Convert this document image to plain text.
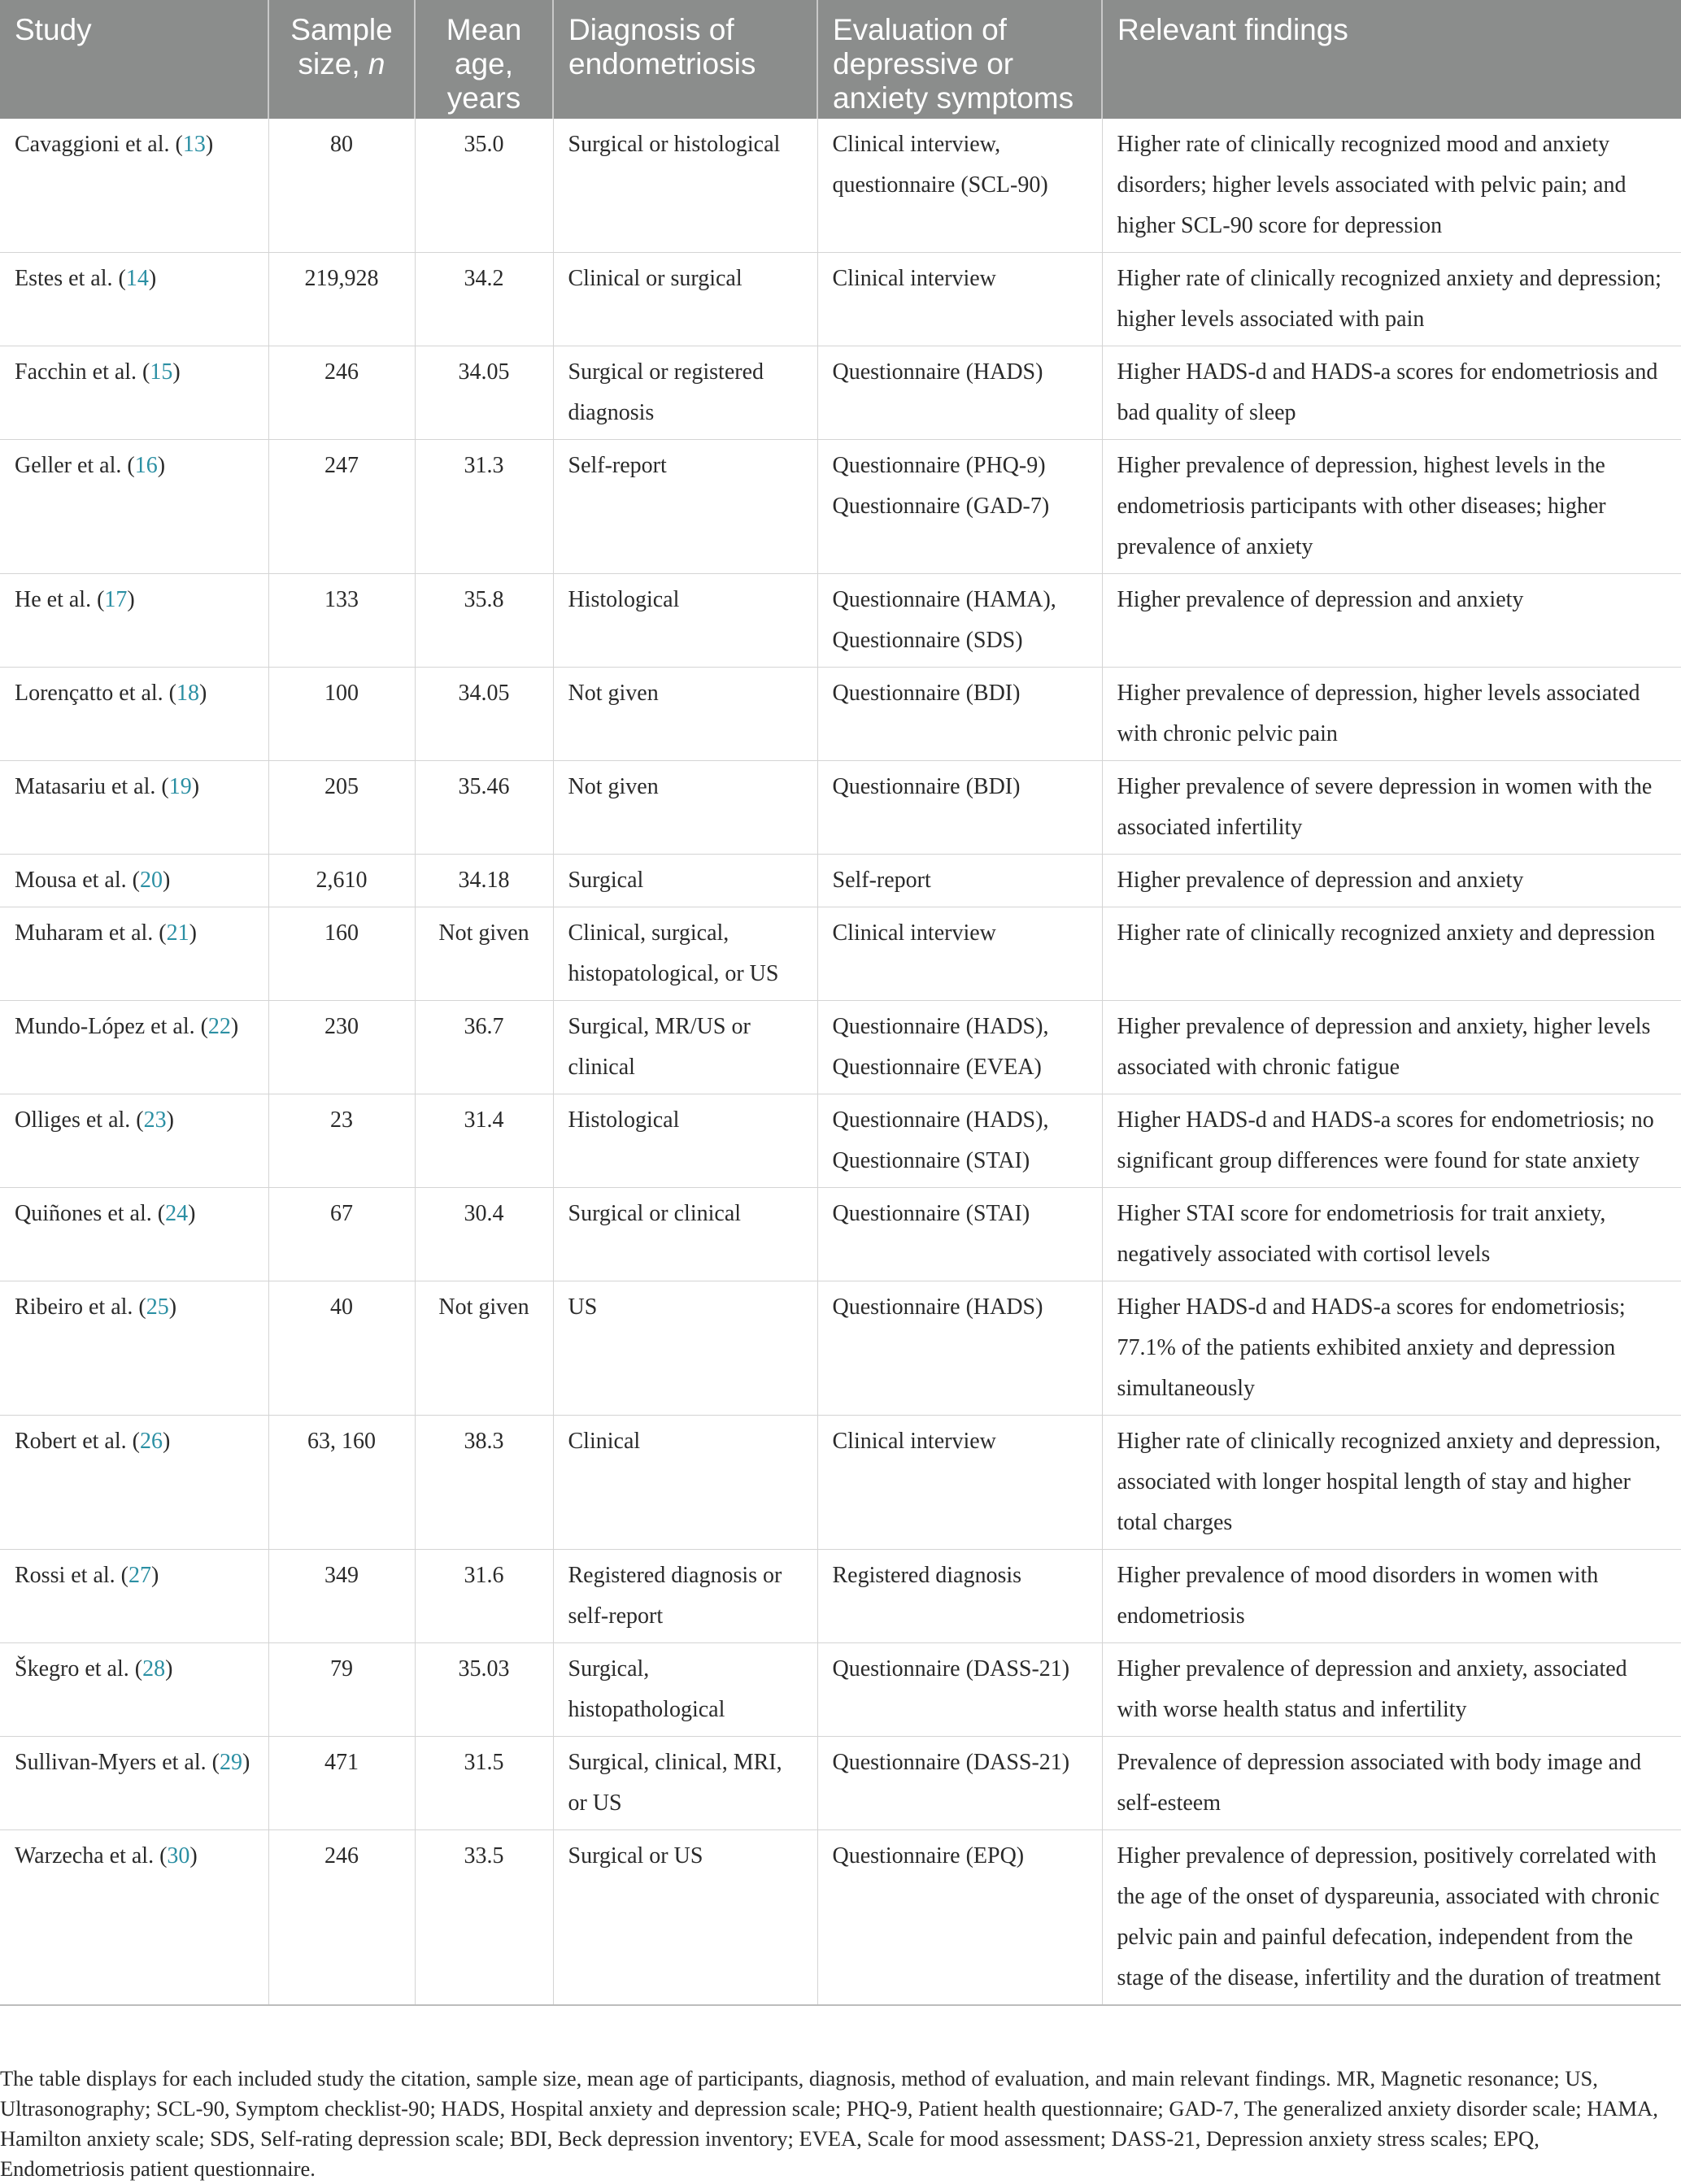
Study	Sample size, n	Mean age, years	Diagnosis of endometriosis	Evaluation of depressive or anxiety symptoms	Relevant findings
Cavaggioni et al. (13)	80	35.0	Surgical or histological	Clinical interview, questionnaire (SCL-90)	Higher rate of clinically recognized mood and anxiety disorders; higher levels associated with pelvic pain; and higher SCL-90 score for depression
Estes et al. (14)	219,928	34.2	Clinical or surgical	Clinical interview	Higher rate of clinically recognized anxiety and depression; higher levels associated with pain
Facchin et al. (15)	246	34.05	Surgical or registered diagnosis	Questionnaire (HADS)	Higher HADS-d and HADS-a scores for endometriosis and bad quality of sleep
Geller et al. (16)	247	31.3	Self-report	Questionnaire (PHQ-9) Questionnaire (GAD-7)	Higher prevalence of depression, highest levels in the endometriosis participants with other diseases; higher prevalence of anxiety
He et al. (17)	133	35.8	Histological	Questionnaire (HAMA), Questionnaire (SDS)	Higher prevalence of depression and anxiety
Lorençatto et al. (18)	100	34.05	Not given	Questionnaire (BDI)	Higher prevalence of depression, higher levels associated with chronic pelvic pain
Matasariu et al. (19)	205	35.46	Not given	Questionnaire (BDI)	Higher prevalence of severe depression in women with the associated infertility
Mousa et al. (20)	2,610	34.18	Surgical	Self-report	Higher prevalence of depression and anxiety
Muharam et al. (21)	160	Not given	Clinical, surgical, histopatological, or US	Clinical interview	Higher rate of clinically recognized anxiety and depression
Mundo-López et al. (22)	230	36.7	Surgical, MR/US or clinical	Questionnaire (HADS), Questionnaire (EVEA)	Higher prevalence of depression and anxiety, higher levels associated with chronic fatigue
Olliges et al. (23)	23	31.4	Histological	Questionnaire (HADS), Questionnaire (STAI)	Higher HADS-d and HADS-a scores for endometriosis; no significant group differences were found for state anxiety
Quiñones et al. (24)	67	30.4	Surgical or clinical	Questionnaire (STAI)	Higher STAI score for endometriosis for trait anxiety, negatively associated with cortisol levels
Ribeiro et al. (25)	40	Not given	US	Questionnaire (HADS)	Higher HADS-d and HADS-a scores for endometriosis; 77.1% of the patients exhibited anxiety and depression simultaneously
Robert et al. (26)	63, 160	38.3	Clinical	Clinical interview	Higher rate of clinically recognized anxiety and depression, associated with longer hospital length of stay and higher total charges
Rossi et al. (27)	349	31.6	Registered diagnosis or self-report	Registered diagnosis	Higher prevalence of mood disorders in women with endometriosis
Škegro et al. (28)	79	35.03	Surgical, histopathological	Questionnaire (DASS-21)	Higher prevalence of depression and anxiety, associated with worse health status and infertility
Sullivan-Myers et al. (29)	471	31.5	Surgical, clinical, MRI, or US	Questionnaire (DASS-21)	Prevalence of depression associated with body image and self-esteem
Warzecha et al. (30)	246	33.5	Surgical or US	Questionnaire (EPQ)	Higher prevalence of depression, positively correlated with the age of the onset of dyspareunia, associated with chronic pelvic pain and painful defecation, independent from the stage of the disease, infertility and the duration of treatment

The table displays for each included study the citation, sample size, mean age of participants, diagnosis, method of evaluation, and main relevant findings. MR, Magnetic resonance; US, Ultrasonography; SCL-90, Symptom checklist-90; HADS, Hospital anxiety and depression scale; PHQ-9, Patient health questionnaire; GAD-7, The generalized anxiety disorder scale; HAMA, Hamilton anxiety scale; SDS, Self-rating depression scale; BDI, Beck depression inventory; EVEA, Scale for mood assessment; DASS-21, Depression anxiety stress scales; EPQ, Endometriosis patient questionnaire.
